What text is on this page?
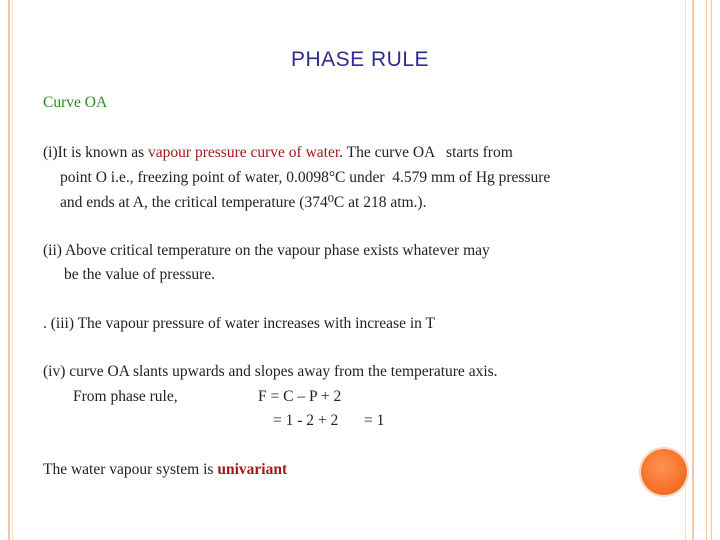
PHASE RULE
Curve OA
(i)It is known as vapour pressure curve of water. The curve OA   starts from
point O i.e., freezing point of water, 0.0098°C under  4.579 mm of Hg pressure
and ends at A, the critical temperature (374⁰C at 218 atm.).
(ii) Above critical temperature on the vapour phase exists whatever may
be the value of pressure.
. (iii) The vapour pressure of water increases with increase in T
(iv) curve OA slants upwards and slopes away from the temperature axis.
From phase rule,	F = C – P + 2
= 1 - 2 + 2 = 1
The water vapour system is univariant
